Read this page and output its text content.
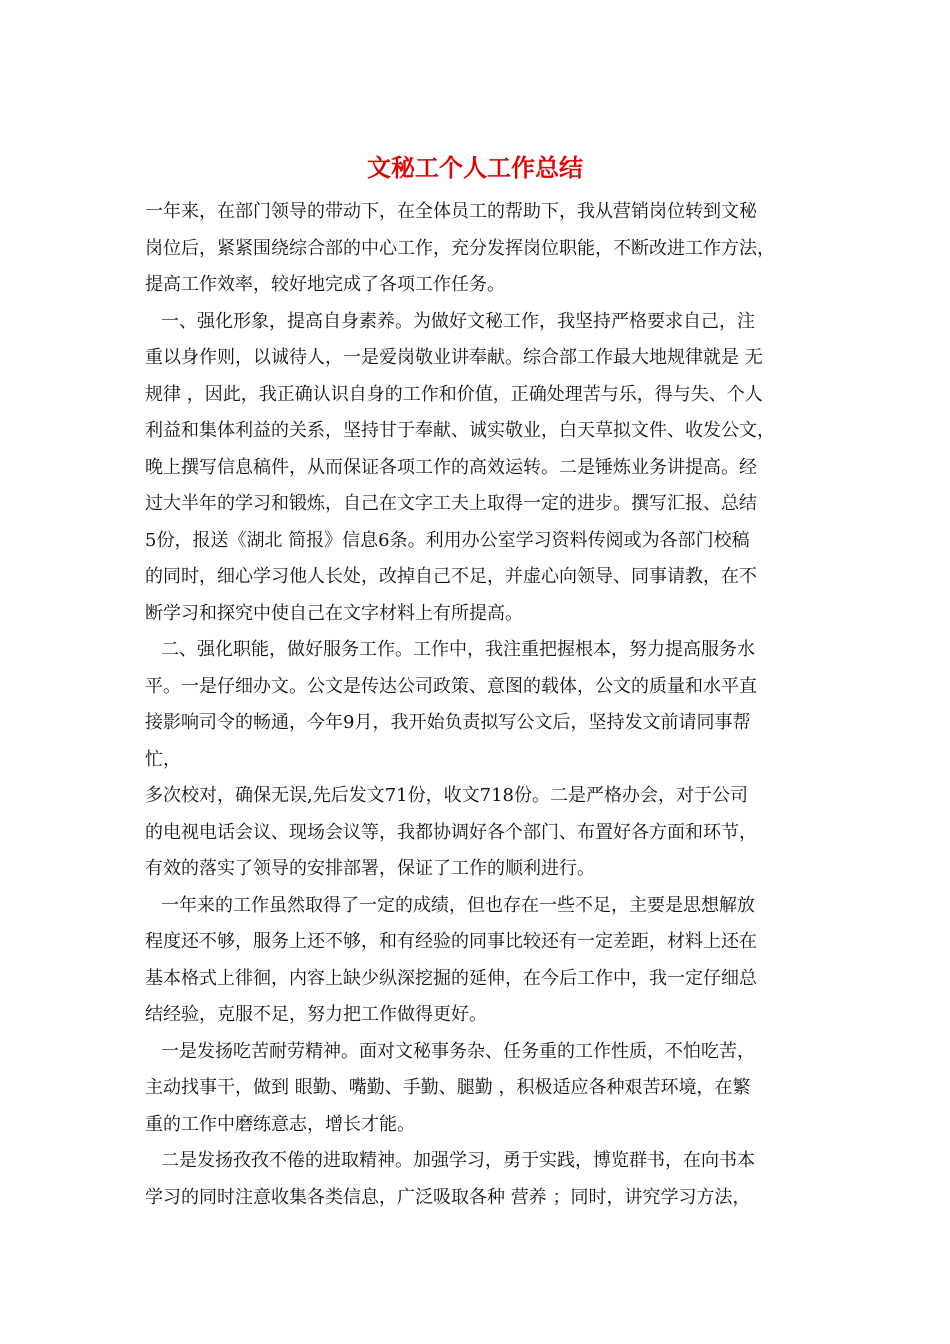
文秘工个人工作总结

一年来，在部门领导的带动下，在全体员工的帮助下，我从营销岗位转到文秘
岗位后，紧紧围绕综合部的中心工作，充分发挥岗位职能，不断改进工作方法，
提高工作效率，较好地完成了各项工作任务。

一、强化形象，提高自身素养。为做好文秘工作，我坚持严格要求自己，注
重以身作则，以诚待人，一是爱岗敬业讲奉献。综合部工作最大地规律就是 无
规律 ，因此，我正确认识自身的工作和价值，正确处理苦与乐，得与失、个人
利益和集体利益的关系，坚持甘于奉献、诚实敬业，白天草拟文件、收发公文，
晚上撰写信息稿件，从而保证各项工作的高效运转。二是锤炼业务讲提高。经
过大半年的学习和锻炼，自己在文字工夫上取得一定的进步。撰写汇报、总结
5份，报送《湖北 简报》信息6条。利用办公室学习资料传阅或为各部门校稿
的同时，细心学习他人长处，改掉自己不足，并虚心向领导、同事请教，在不
断学习和探究中使自己在文字材料上有所提高。

二、强化职能，做好服务工作。工作中，我注重把握根本，努力提高服务水
平。一是仔细办文。公文是传达公司政策、意图的载体，公文的质量和水平直
接影响司令的畅通，今年9月，我开始负责拟写公文后，坚持发文前请同事帮
忙，

多次校对，确保无误,先后发文71份，收文718份。二是严格办会，对于公司
的电视电话会议、现场会议等，我都协调好各个部门、布置好各方面和环节，
有效的落实了领导的安排部署，保证了工作的顺利进行。

一年来的工作虽然取得了一定的成绩，但也存在一些不足，主要是思想解放
程度还不够，服务上还不够，和有经验的同事比较还有一定差距，材料上还在
基本格式上徘徊，内容上缺少纵深挖掘的延伸，在今后工作中，我一定仔细总
结经验，克服不足，努力把工作做得更好。

一是发扬吃苦耐劳精神。面对文秘事务杂、任务重的工作性质，不怕吃苦，
主动找事干，做到 眼勤、嘴勤、手勤、腿勤 ，积极适应各种艰苦环境，在繁
重的工作中磨练意志，增长才能。

二是发扬孜孜不倦的进取精神。加强学习，勇于实践，博览群书，在向书本
学习的同时注意收集各类信息，广泛吸取各种 营养 ；同时，讲究学习方法，
